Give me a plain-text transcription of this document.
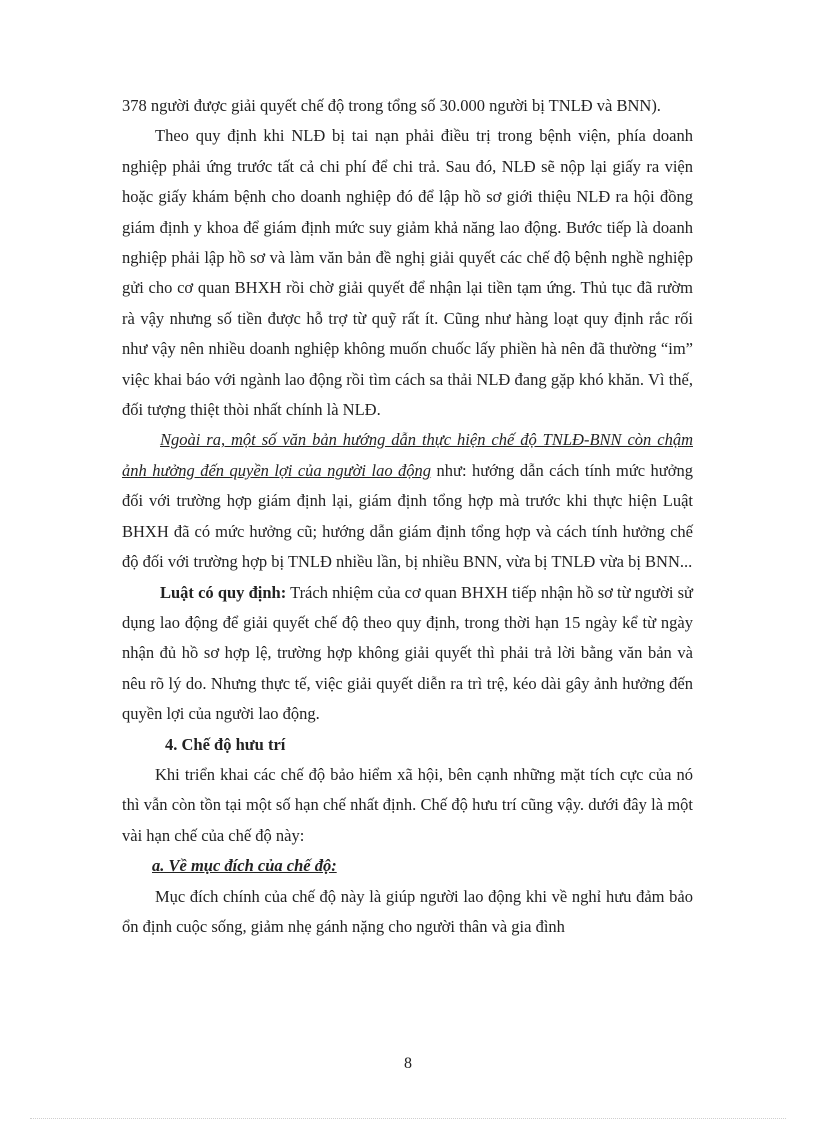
378 người được giải quyết chế độ trong tổng số 30.000 người bị TNLĐ và BNN).

Theo quy định khi NLĐ bị tai nạn phải điều trị trong bệnh viện, phía doanh nghiệp phải ứng trước tất cả chi phí để chi trả. Sau đó, NLĐ sẽ nộp lại giấy ra viện hoặc giấy khám bệnh cho doanh nghiệp đó để lập hồ sơ giới thiệu NLĐ ra hội đồng giám định y khoa để giám định mức suy giảm khả năng lao động. Bước tiếp là doanh nghiệp phải lập hồ sơ và làm văn bản đề nghị giải quyết các chế độ bệnh nghề nghiệp gửi cho cơ quan BHXH rồi chờ giải quyết để nhận lại tiền tạm ứng. Thủ tục đã rườm rà vậy nhưng số tiền được hỗ trợ từ quỹ rất ít. Cũng như hàng loạt quy định rắc rối như vậy nên nhiều doanh nghiệp không muốn chuốc lấy phiền hà nên đã thường “im” việc khai báo với ngành lao động rồi tìm cách sa thải NLĐ đang gặp khó khăn. Vì thế, đối tượng thiệt thòi nhất chính là NLĐ.

Ngoài ra, một số văn bản hướng dẫn thực hiện chế độ TNLĐ-BNN còn chậm ảnh hưởng đến quyền lợi của người lao động như: hướng dẫn cách tính mức hưởng đối với trường hợp giám định lại, giám định tổng hợp mà trước khi thực hiện Luật BHXH đã có mức hưởng cũ; hướng dẫn giám định tổng hợp và cách tính hưởng chế độ đối với trường hợp bị TNLĐ nhiều lần, bị nhiều BNN, vừa bị TNLĐ vừa bị BNN...

Luật có quy định: Trách nhiệm của cơ quan BHXH tiếp nhận hồ sơ từ người sử dụng lao động để giải quyết chế độ theo quy định, trong thời hạn 15 ngày kể từ ngày nhận đủ hồ sơ hợp lệ, trường hợp không giải quyết thì phải trả lời bằng văn bản và nêu rõ lý do. Nhưng thực tế, việc giải quyết diễn ra trì trệ, kéo dài gây ảnh hưởng đến quyền lợi của người lao động.

4. Chế độ hưu trí

Khi triển khai các chế độ bảo hiểm xã hội, bên cạnh những mặt tích cực của nó thì vẫn còn tồn tại một số hạn chế nhất định. Chế độ hưu trí cũng vậy. dưới đây là một vài hạn chế của chế độ này:

a. Về mục đích của chế độ:

Mục đích chính của chế độ này là giúp người lao động khi về nghỉ hưu đảm bảo ổn định cuộc sống, giảm nhẹ gánh nặng cho người thân và gia đình

8
